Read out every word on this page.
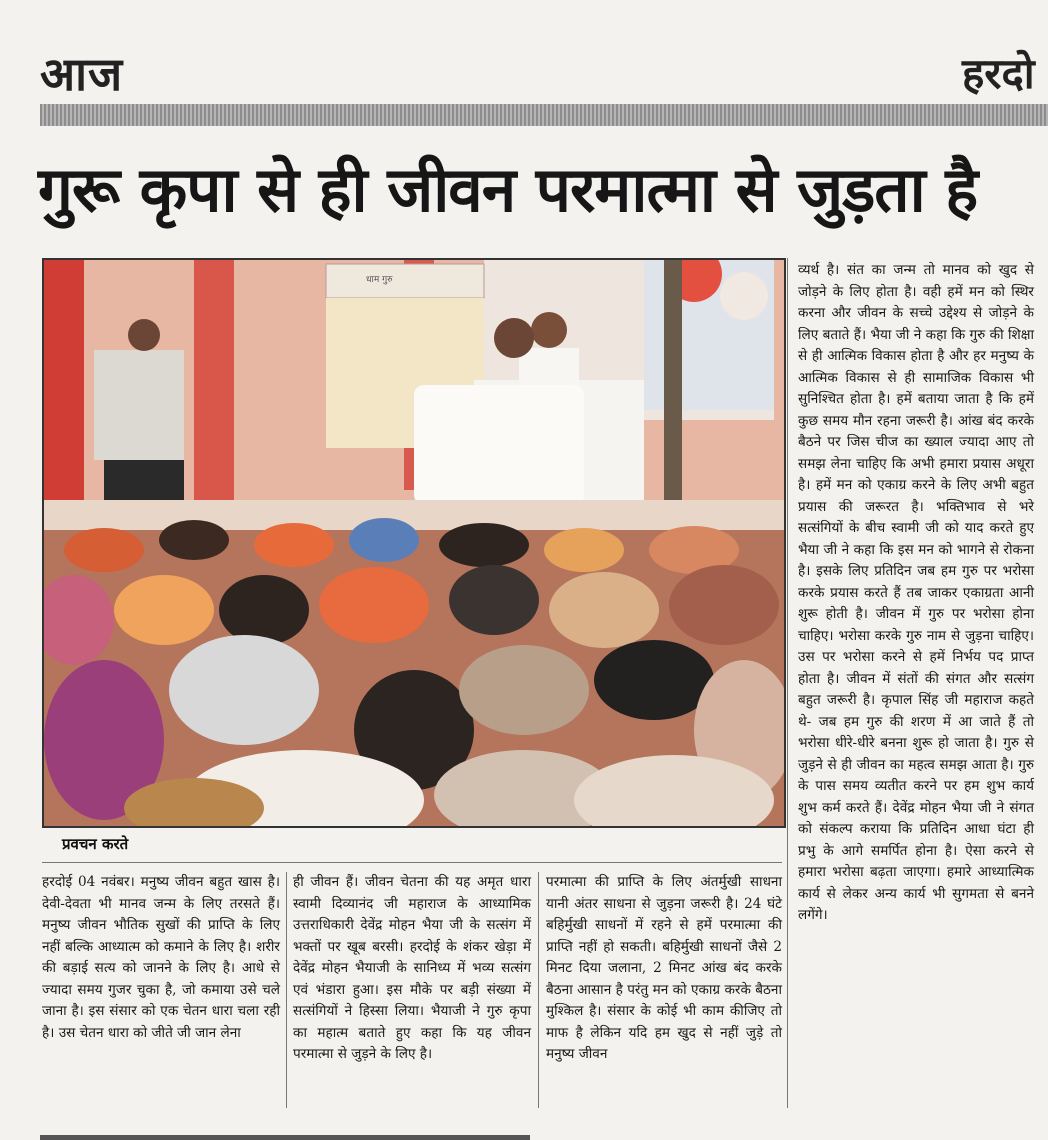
आज	हरदो
गुरू कृपा से ही जीवन परमात्मा से जुड़ता है
धाम गुरु
प्रवचन करते

व्यर्थ है। संत का जन्म तो मानव को खुद से जोड़ने के लिए होता है। वही हमें मन को स्थिर करना और जीवन के सच्चे उद्देश्य से जोड़ने के लिए बताते हैं। भैया जी ने कहा कि गुरु की शिक्षा से ही आत्मिक विकास होता है और हर मनुष्य के आत्मिक विकास से ही सामाजिक विकास भी सुनिश्चित होता है। हमें बताया जाता है कि हमें कुछ समय मौन रहना जरूरी है। आंख बंद करके बैठने पर जिस चीज का ख्याल ज्यादा आए तो समझ लेना चाहिए कि अभी हमारा प्रयास अधूरा है। हमें मन को एकाग्र करने के लिए अभी बहुत प्रयास की जरूरत है। भक्तिभाव से भरे सत्संगियों के बीच स्वामी जी को याद करते हुए भैया जी ने कहा कि इस मन को भागने से रोकना है। इसके लिए प्रतिदिन जब हम गुरु पर भरोसा करके प्रयास करते हैं तब जाकर एकाग्रता आनी शुरू होती है। जीवन में गुरु पर भरोसा होना चाहिए। भरोसा करके गुरु नाम से जुड़ना चाहिए। उस पर भरोसा करने से हमें निर्भय पद प्राप्त होता है। जीवन में संतों की संगत और सत्संग बहुत जरूरी है। कृपाल सिंह जी महाराज कहते थे- जब हम गुरु की शरण में आ जाते हैं तो भरोसा धीरे-धीरे बनना शुरू हो जाता है। गुरु से जुड़ने से ही जीवन का महत्व समझ आता है। गुरु के पास समय व्यतीत करने पर हम शुभ कार्य शुभ कर्म करते हैं। देवेंद्र मोहन भैया जी ने संगत को संकल्प कराया कि प्रतिदिन आधा घंटा ही प्रभु के आगे समर्पित होना है। ऐसा करने से हमारा भरोसा बढ़ता जाएगा। हमारे आध्यात्मिक कार्य से लेकर अन्य कार्य भी सुगमता से बनने लगेंगे।

हरदोई 04 नवंबर। मनुष्य जीवन बहुत खास है। देवी-देवता भी मानव जन्म के लिए तरसते हैं। मनुष्य जीवन भौतिक सुखों की प्राप्ति के लिए नहीं बल्कि आध्यात्म को कमाने के लिए है। शरीर की बड़ाई सत्य को जानने के लिए है। आधे से ज्यादा समय गुजर चुका है, जो कमाया उसे चले जाना है। इस संसार को एक चेतन धारा चला रही है। उस चेतन धारा को जीते जी जान लेना

ही जीवन हैं। जीवन चेतना की यह अमृत धारा स्वामी दिव्यानंद जी महाराज के आध्यामिक उत्तराधिकारी देवेंद्र मोहन भैया जी के सत्संग में भक्तों पर खूब बरसी। हरदोई के शंकर खेड़ा में देवेंद्र मोहन भैयाजी के सानिध्य में भव्य सत्संग एवं भंडारा हुआ। इस मौके पर बड़ी संख्या में सत्संगियों ने हिस्सा लिया। भैयाजी ने गुरु कृपा का महात्म बताते हुए कहा कि यह जीवन परमात्मा से जुड़ने के लिए है।

परमात्मा की प्राप्ति के लिए अंतर्मुखी साधना यानी अंतर साधना से जुड़ना जरूरी है। 24 घंटे बहिर्मुखी साधनों में रहने से हमें परमात्मा की प्राप्ति नहीं हो सकती। बहिर्मुखी साधनों जैसे 2 मिनट दिया जलाना, 2 मिनट आंख बंद करके बैठना आसान है परंतु मन को एकाग्र करके बैठना मुश्किल है। संसार के कोई भी काम कीजिए तो माफ है लेकिन यदि हम खुद से नहीं जुड़े तो मनुष्य जीवन
